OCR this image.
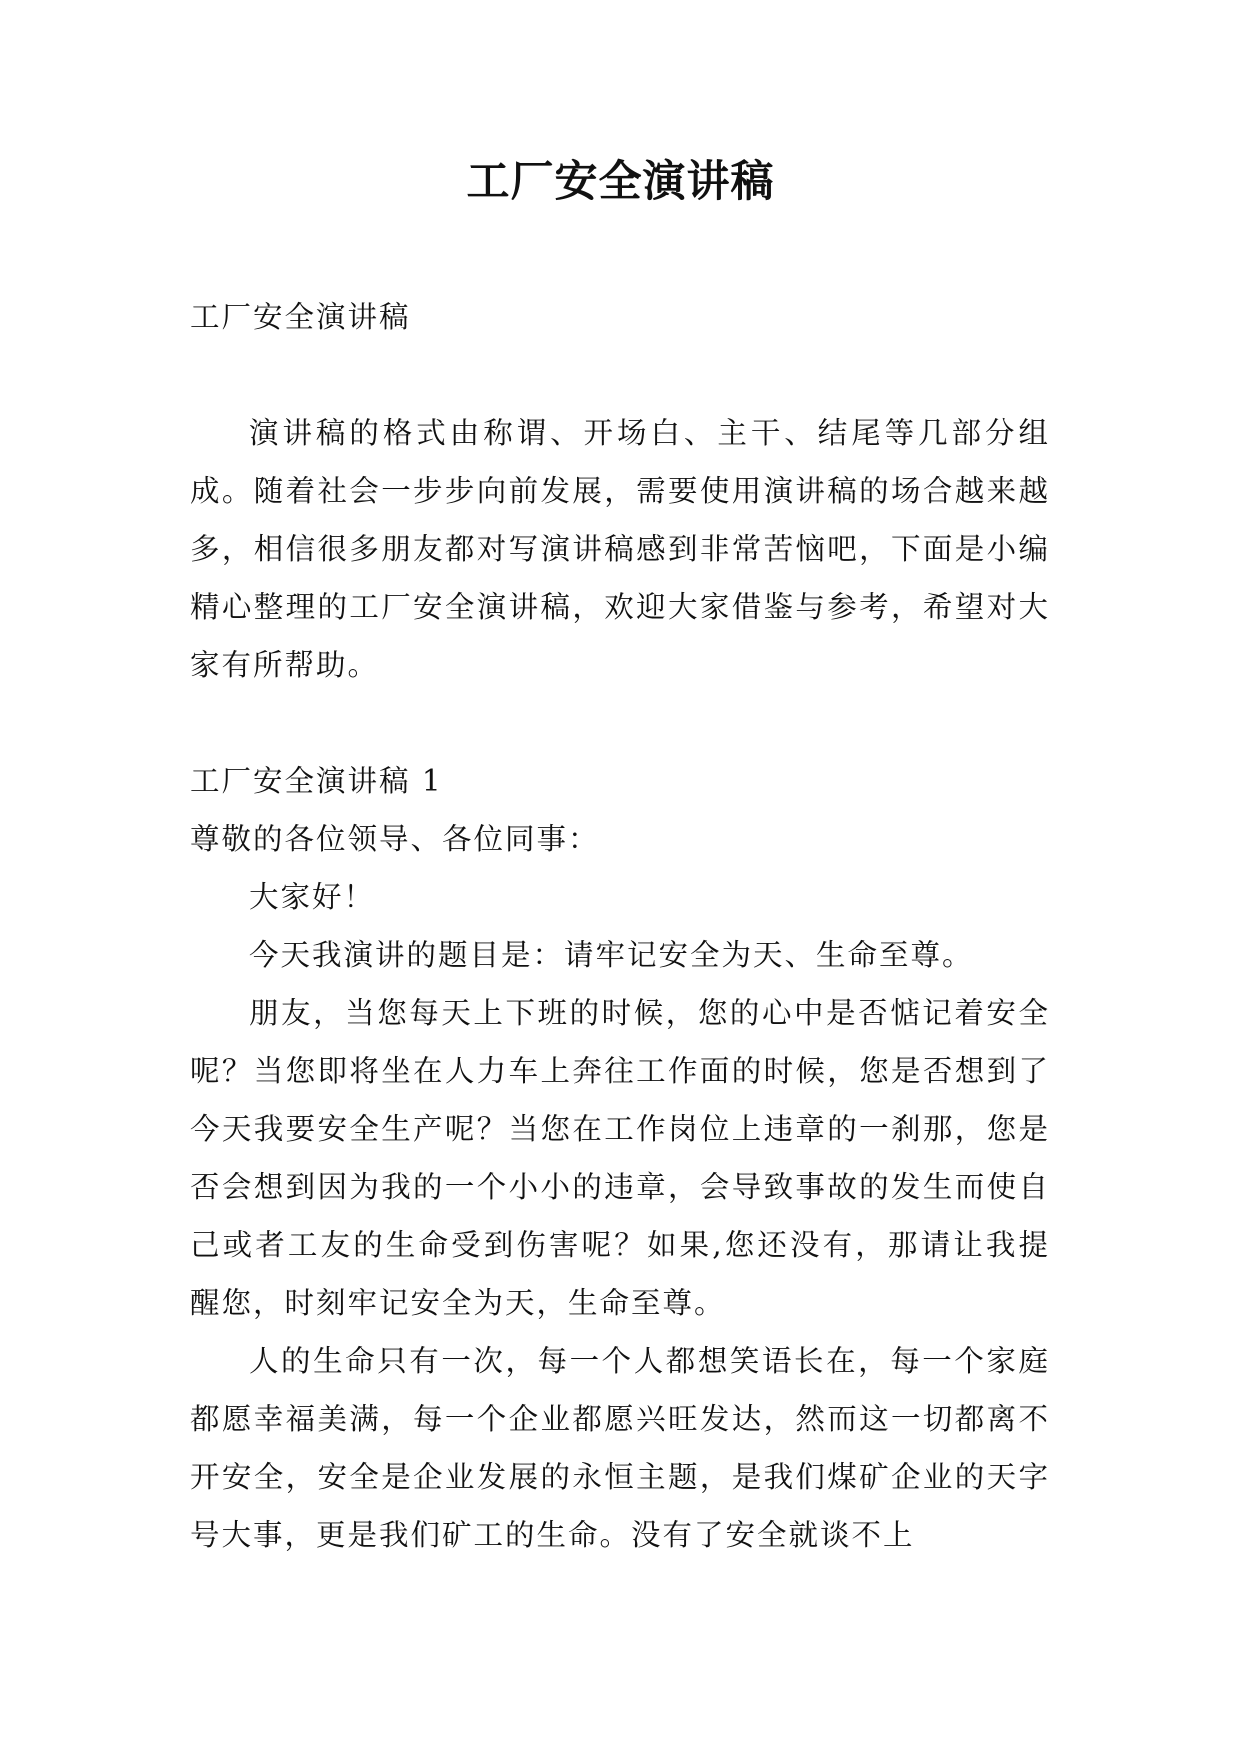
工厂安全演讲稿

工厂安全演讲稿

演讲稿的格式由称谓、开场白、主干、结尾等几部分组成。随着社会一步步向前发展，需要使用演讲稿的场合越来越多，相信很多朋友都对写演讲稿感到非常苦恼吧，下面是小编精心整理的工厂安全演讲稿，欢迎大家借鉴与参考，希望对大家有所帮助。

工厂安全演讲稿 1

尊敬的各位领导、各位同事：

大家好！

今天我演讲的题目是：请牢记安全为天、生命至尊。

朋友，当您每天上下班的时候，您的心中是否惦记着安全呢？当您即将坐在人力车上奔往工作面的时候，您是否想到了今天我要安全生产呢？当您在工作岗位上违章的一刹那，您是否会想到因为我的一个小小的违章，会导致事故的发生而使自己或者工友的生命受到伤害呢？如果,您还没有，那请让我提醒您，时刻牢记安全为天，生命至尊。

人的生命只有一次，每一个人都想笑语长在，每一个家庭都愿幸福美满，每一个企业都愿兴旺发达，然而这一切都离不开安全，安全是企业发展的永恒主题，是我们煤矿企业的天字号大事，更是我们矿工的生命。没有了安全就谈不上
